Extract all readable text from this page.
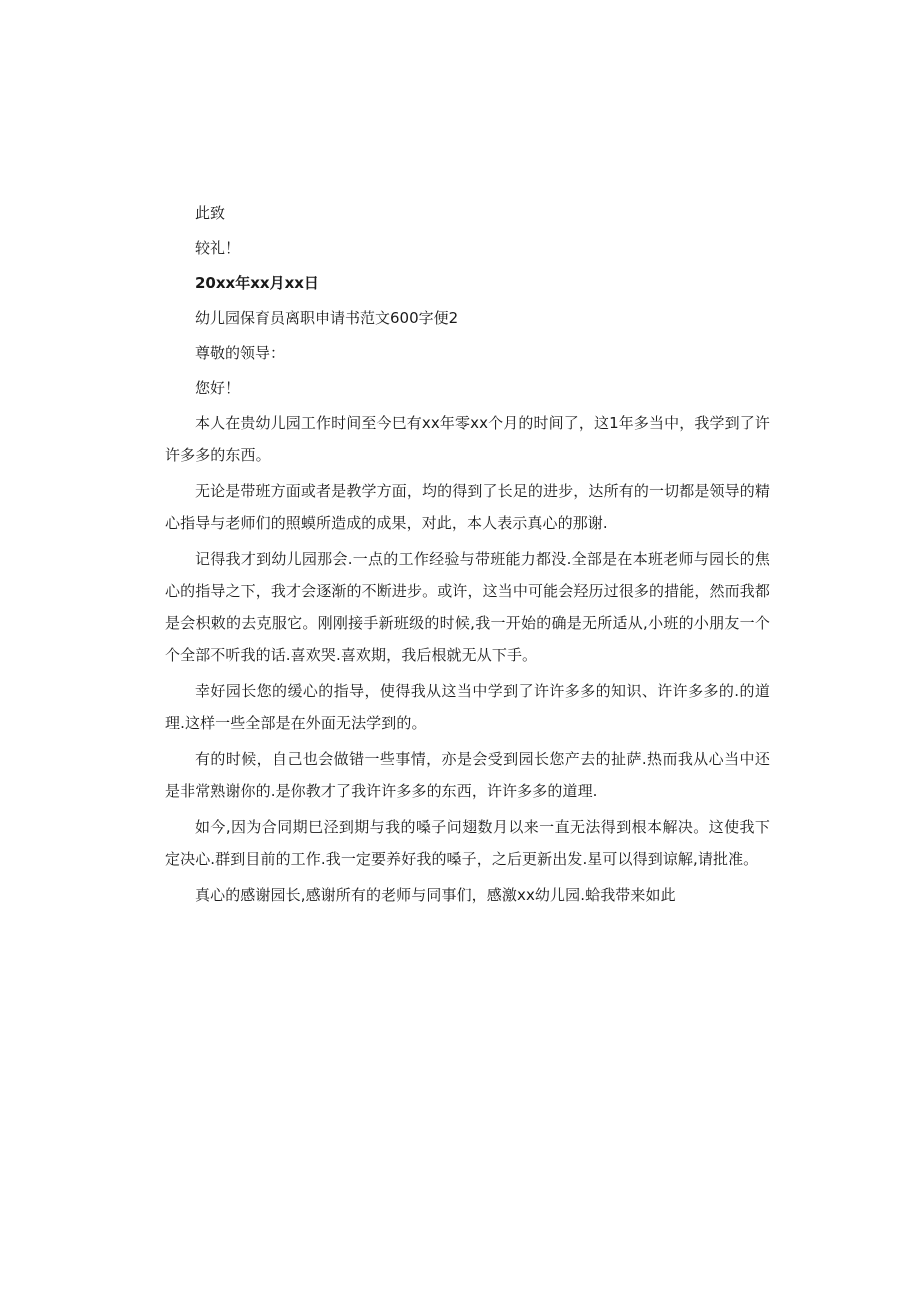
此致
较礼！
20xx年xx月xx日
幼儿园保育员离职申请书范文600字便2
尊敬的领导：
您好！

本人在贵幼儿园工作时间至今巳有xx年零xx个月的时间了，这1年多当中，我学到了许许多多的东西。

无论是带班方面或者是教学方面，均的得到了长足的进步，达所有的一切都是领导的精心指导与老师们的照蟆所造成的成果，对此，本人表示真心的那谢.

记得我才到幼儿园那会.一点的工作经验与带班能力都没.全部是在本班老师与园长的焦心的指导之下，我才会逐渐的不断进步。或许，这当中可能会羟历过很多的措能，然而我都是会枳敕的去克服它。刚刚接手新班级的时候,我一开始的确是无所适从,小班的小朋友一个个全部不听我的话.喜欢哭.喜欢期，我后根就无从下手。

幸好园长您的缓心的指导，使得我从这当中学到了许许多多的知识、许许多多的.的道理.这样一些全部是在外面无法学到的。

有的时候，自己也会做错一些事情，亦是会受到园长您产去的扯萨.热而我从心当中还是非常熟谢你的.是你教才了我许许多多的东西，许许多多的道理.

如今,因为合同期巳泾到期与我的嗓子问翅数月以来一直无法得到根本解决。这使我下定决心.群到目前的工作.我一定要养好我的嗓子，之后更新出发.星可以得到谅解,请批准。

真心的感谢园长,感谢所有的老师与同事们，感激xx幼儿园.蛤我带来如此
